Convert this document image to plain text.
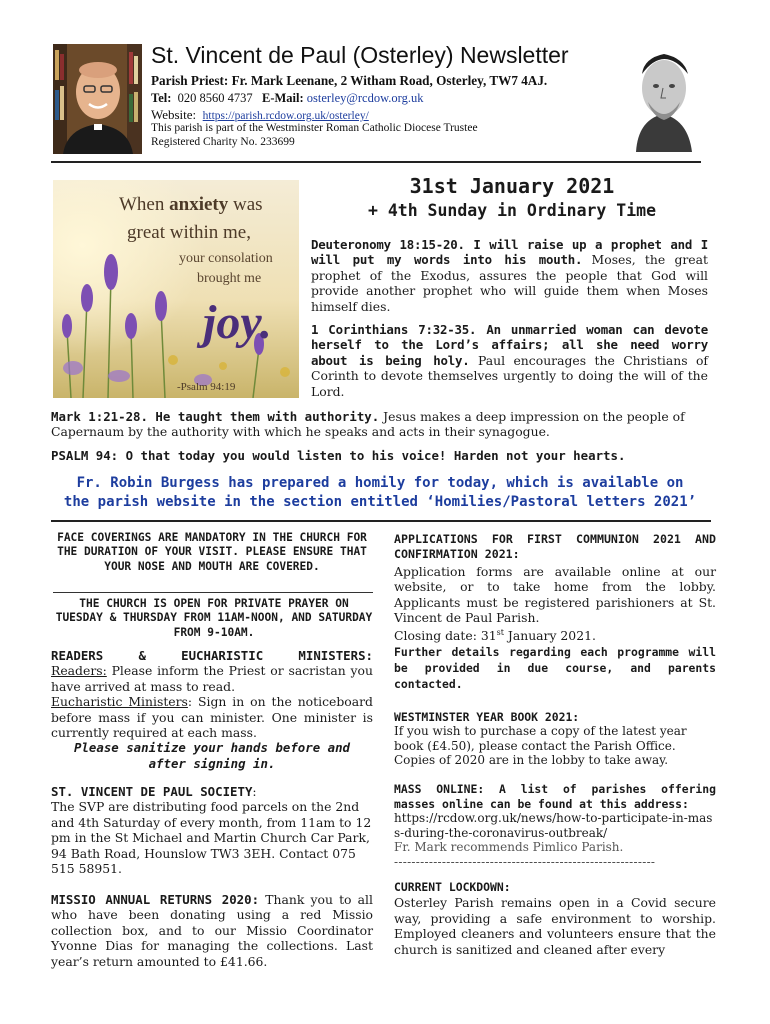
St. Vincent de Paul (Osterley) Newsletter
Parish Priest: Fr. Mark Leenane, 2 Witham Road, Osterley, TW7 4AJ.
Tel: 020 8560 4737 E-Mail: osterley@rcdow.org.uk
Website: https://parish.rcdow.org.uk/osterley/
This parish is part of the Westminster Roman Catholic Diocese Trustee
Registered Charity No. 233699
When anxiety was
great within me,
your consolation
brought me
joy.
-Psalm 94:19
31st January 2021
+ 4th Sunday in Ordinary Time

Deuteronomy 18:15-20. I will raise up a prophet and I will put my words into his mouth. Moses, the great prophet of the Exodus, assures the people that God will provide another prophet who will guide them when Moses himself dies.

1 Corinthians 7:32-35. An unmarried woman can devote herself to the Lord’s affairs; all she need worry about is being holy. Paul encourages the Christians of Corinth to devote themselves urgently to doing the will of the Lord.

Mark 1:21-28. He taught them with authority. Jesus makes a deep impression on the people of Capernaum by the authority with which he speaks and acts in their synagogue.
PSALM 94: O that today you would listen to his voice! Harden not your hearts.
Fr. Robin Burgess has prepared a homily for today, which is available on the parish website in the section entitled ‘Homilies/Pastoral letters 2021’
FACE COVERINGS ARE MANDATORY IN THE CHURCH FOR THE DURATION OF YOUR VISIT. PLEASE ENSURE THAT YOUR NOSE AND MOUTH ARE COVERED.
THE CHURCH IS OPEN FOR PRIVATE PRAYER ON TUESDAY & THURSDAY FROM 11AM-NOON, AND SATURDAY FROM 9-10AM.
READERS & EUCHARISTIC MINISTERS:
Readers: Please inform the Priest or sacristan you have arrived at mass to read.
Eucharistic Ministers: Sign in on the noticeboard before mass if you can minister. One minister is currently required at each mass.
Please sanitize your hands before and after signing in.
ST. VINCENT DE PAUL SOCIETY:
The SVP are distributing food parcels on the 2nd and 4th Saturday of every month, from 11am to 12 pm in the St Michael and Martin Church Car Park, 94 Bath Road, Hounslow TW3 3EH. Contact 075 515 58951.
MISSIO ANNUAL RETURNS 2020: Thank you to all who have been donating using a red Missio collection box, and to our Missio Coordinator Yvonne Dias for managing the collections. Last year’s return amounted to £41.66.
APPLICATIONS FOR FIRST COMMUNION 2021 AND CONFIRMATION 2021:
Application forms are available online at our website, or to take home from the lobby. Applicants must be registered parishioners at St. Vincent de Paul Parish.
Closing date: 31st January 2021.
Further details regarding each programme will be provided in due course, and parents contacted.
WESTMINSTER YEAR BOOK 2021:
If you wish to purchase a copy of the latest year book (£4.50), please contact the Parish Office. Copies of 2020 are in the lobby to take away.
MASS ONLINE: A list of parishes offering masses online can be found at this address:
https://rcdow.org.uk/news/how-to-participate-in-mass-during-the-coronavirus-outbreak/
Fr. Mark recommends Pimlico Parish.
------------------------------------------------------------
CURRENT LOCKDOWN:
Osterley Parish remains open in a Covid secure way, providing a safe environment to worship. Employed cleaners and volunteers ensure that the church is sanitized and cleaned after every
